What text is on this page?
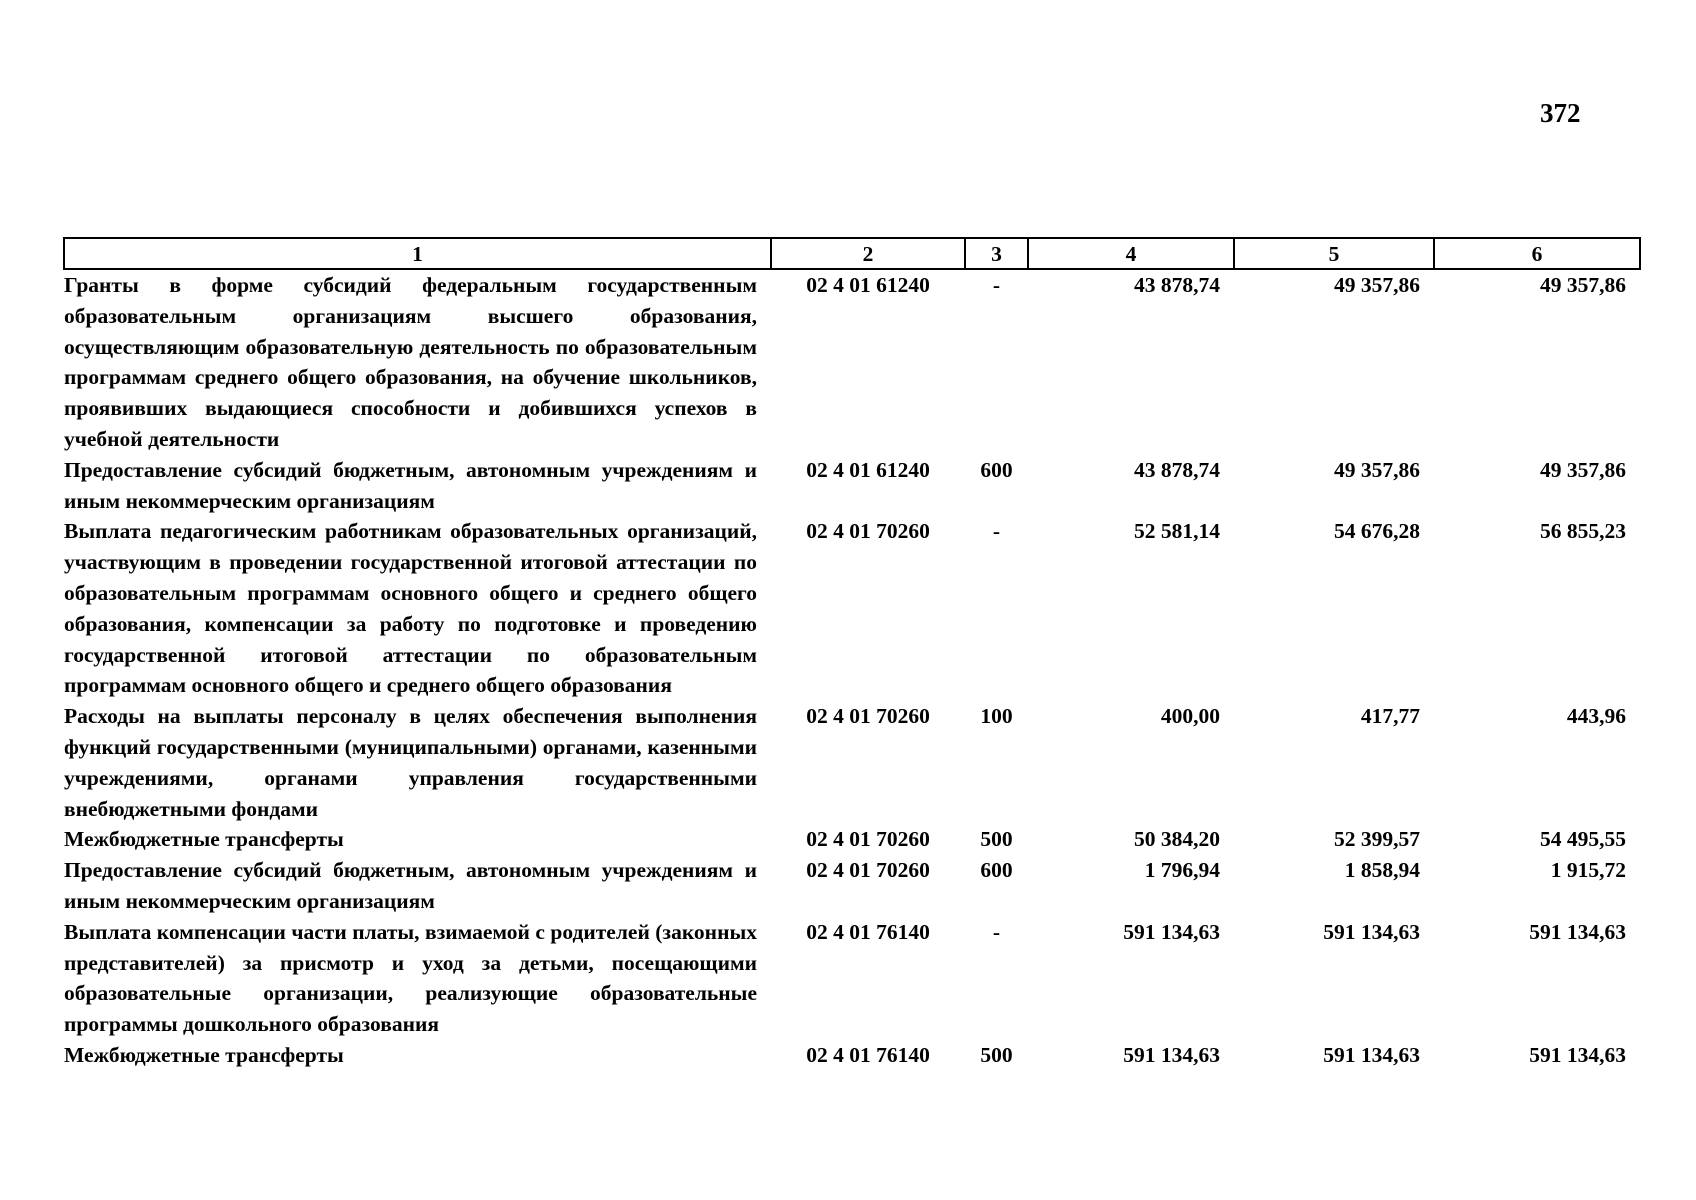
372
1	2	3	4	5	6
Гранты в форме субсидий федеральным государственным образовательным организациям высшего образования, осуществляющим образовательную деятельность по образовательным программам среднего общего образования, на обучение школьников, проявивших выдающиеся способности и добившихся успехов в учебной деятельности	02 4 01 61240	-	43 878,74	49 357,86	49 357,86
Предоставление субсидий бюджетным, автономным учреждениям и иным некоммерческим организациям	02 4 01 61240	600	43 878,74	49 357,86	49 357,86
Выплата педагогическим работникам образовательных организаций, участвующим в проведении государственной итоговой аттестации по образовательным программам основного общего и среднего общего образования, компенсации за работу по подготовке и проведению государственной итоговой аттестации по образовательным программам основного общего и среднего общего образования	02 4 01 70260	-	52 581,14	54 676,28	56 855,23
Расходы на выплаты персоналу в целях обеспечения выполнения функций государственными (муниципальными) органами, казенными учреждениями, органами управления государственными внебюджетными фондами	02 4 01 70260	100	400,00	417,77	443,96
Межбюджетные трансферты	02 4 01 70260	500	50 384,20	52 399,57	54 495,55
Предоставление субсидий бюджетным, автономным учреждениям и иным некоммерческим организациям	02 4 01 70260	600	1 796,94	1 858,94	1 915,72
Выплата компенсации части платы, взимаемой с родителей (законных представителей) за присмотр и уход за детьми, посещающими образовательные организации, реализующие образовательные программы дошкольного образования	02 4 01 76140	-	591 134,63	591 134,63	591 134,63
Межбюджетные трансферты	02 4 01 76140	500	591 134,63	591 134,63	591 134,63
